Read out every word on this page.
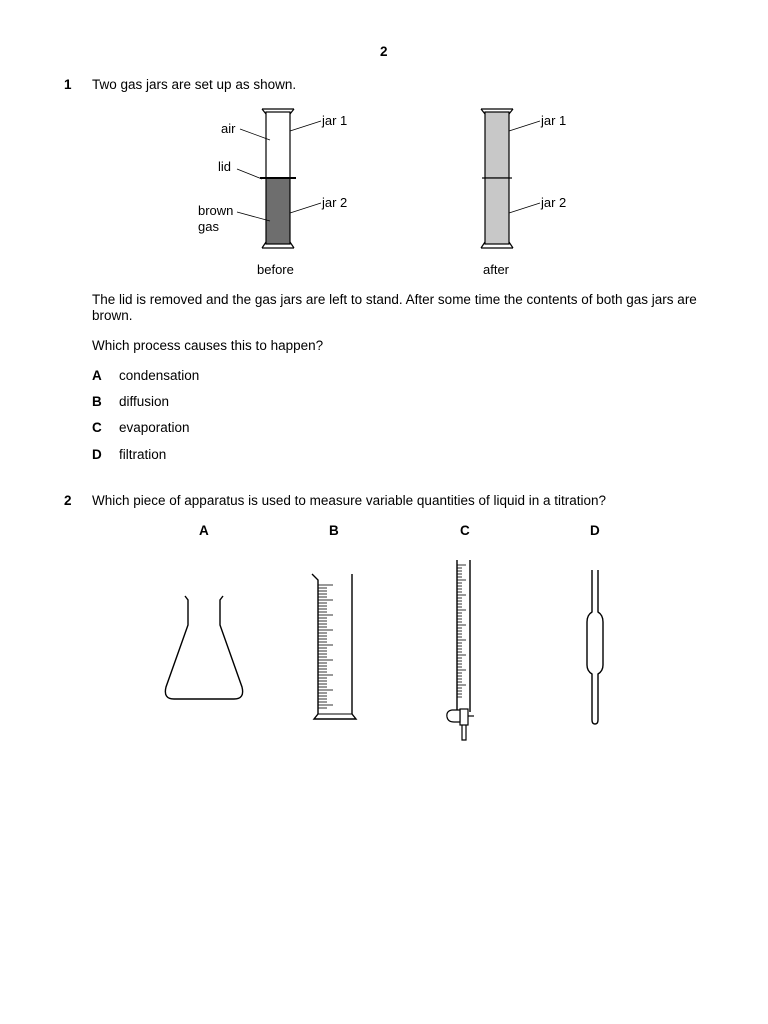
2
1 Two gas jars are set up as shown.
air
lid
brown
gas
jar 1
jar 2
jar 1
jar 2
before	after
The lid is removed and the gas jars are left to stand. After some time the contents of both gas jars are brown.
Which process causes this to happen?
A condensation
B diffusion
C evaporation
D filtration
2 Which piece of apparatus is used to measure variable quantities of liquid in a titration?
A	B	C	D
